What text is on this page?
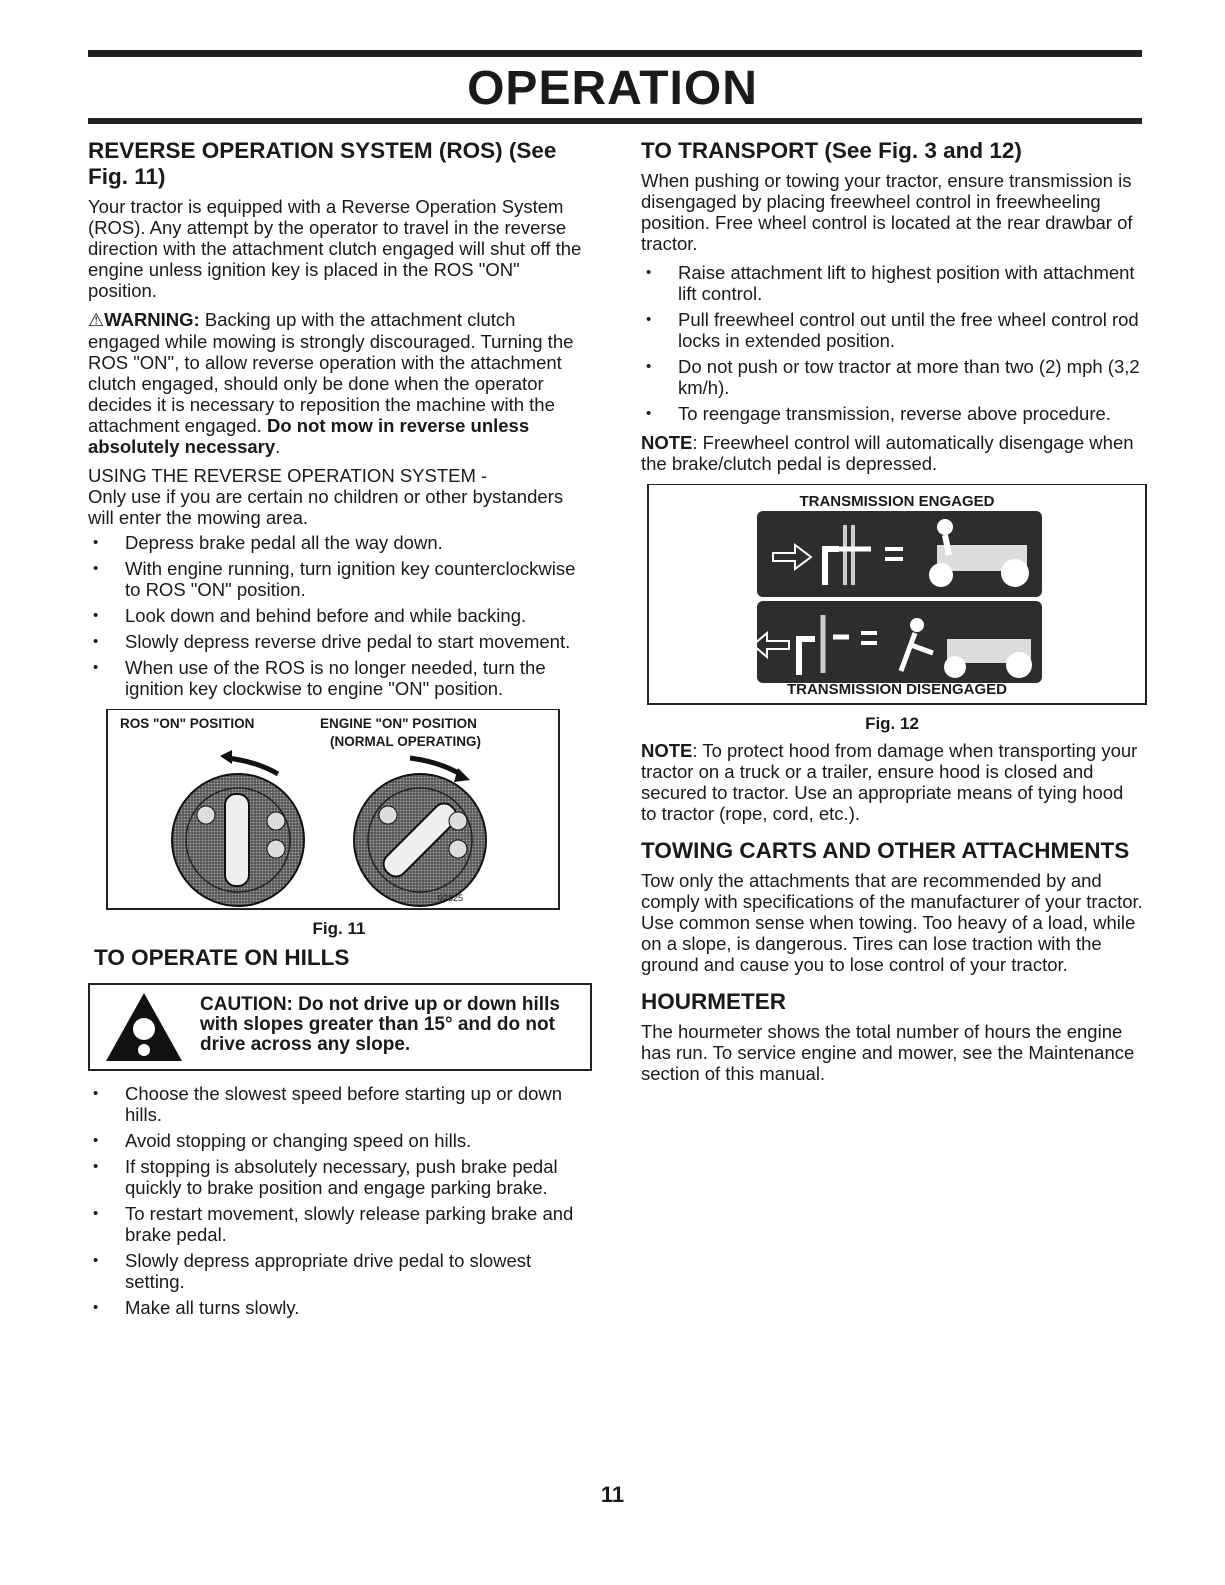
OPERATION
REVERSE OPERATION SYSTEM (ROS) (See Fig. 11)

Your tractor is equipped with a Reverse Operation System (ROS). Any attempt by the operator to travel in the reverse direction with the attachment clutch engaged will shut off the engine unless ignition key is placed in the ROS "ON" position.

⚠WARNING: Backing up with the attachment clutch engaged while mowing is strongly discouraged. Turning the ROS "ON", to allow reverse operation with the attachment clutch engaged, should only be done when the operator decides it is necessary to reposition the machine with the attachment engaged. Do not mow in reverse unless absolutely necessary.

USING THE REVERSE OPERATION SYSTEM -

Only use if you are certain no children or other bystanders will enter the mowing area.

• Depress brake pedal all the way down.
• With engine running, turn ignition key counterclockwise to ROS "ON" position.
• Look down and behind before and while backing.
• Slowly depress reverse drive pedal to start movement.
• When use of the ROS is no longer needed, turn the ignition key clockwise to engine "ON" position.
ROS "ON" POSITION	ENGINE "ON" POSITION
(NORMAL OPERATING)
02825
Fig. 11
TO OPERATE ON HILLS
CAUTION: Do not drive up or down hills with slopes greater than 15° and do not drive across any slope.
• Choose the slowest speed before starting up or down hills.
• Avoid stopping or changing speed on hills.
• If stopping is absolutely necessary, push brake pedal quickly to brake position and engage parking brake.
• To restart movement, slowly release parking brake and brake pedal.
• Slowly depress appropriate drive pedal to slowest setting.
• Make all turns slowly.
TO TRANSPORT (See Fig. 3 and 12)

When pushing or towing your tractor, ensure transmission is disengaged by placing freewheel control in freewheeling position. Free wheel control is located at the rear drawbar of tractor.

• Raise attachment lift to highest position with attachment lift control.
• Pull freewheel control out until the free wheel control rod locks in extended position.
• Do not push or tow tractor at more than two (2) mph (3,2 km/h).
• To reengage transmission, reverse above procedure.

NOTE: Freewheel control will automatically disengage when the brake/clutch pedal is depressed.

TRANSMISSION ENGAGED
TRANSMISSION DISENGAGED
Fig. 12

NOTE: To protect hood from damage when transporting your tractor on a truck or a trailer, ensure hood is closed and secured to tractor. Use an appropriate means of tying hood to tractor (rope, cord, etc.).

TOWING CARTS AND OTHER ATTACHMENTS

Tow only the attachments that are recommended by and comply with specifications of the manufacturer of your tractor. Use common sense when towing. Too heavy of a load, while on a slope, is dangerous. Tires can lose traction with the ground and cause you to lose control of your tractor.

HOURMETER

The hourmeter shows the total number of hours the engine has run. To service engine and mower, see the Maintenance section of this manual.

11
